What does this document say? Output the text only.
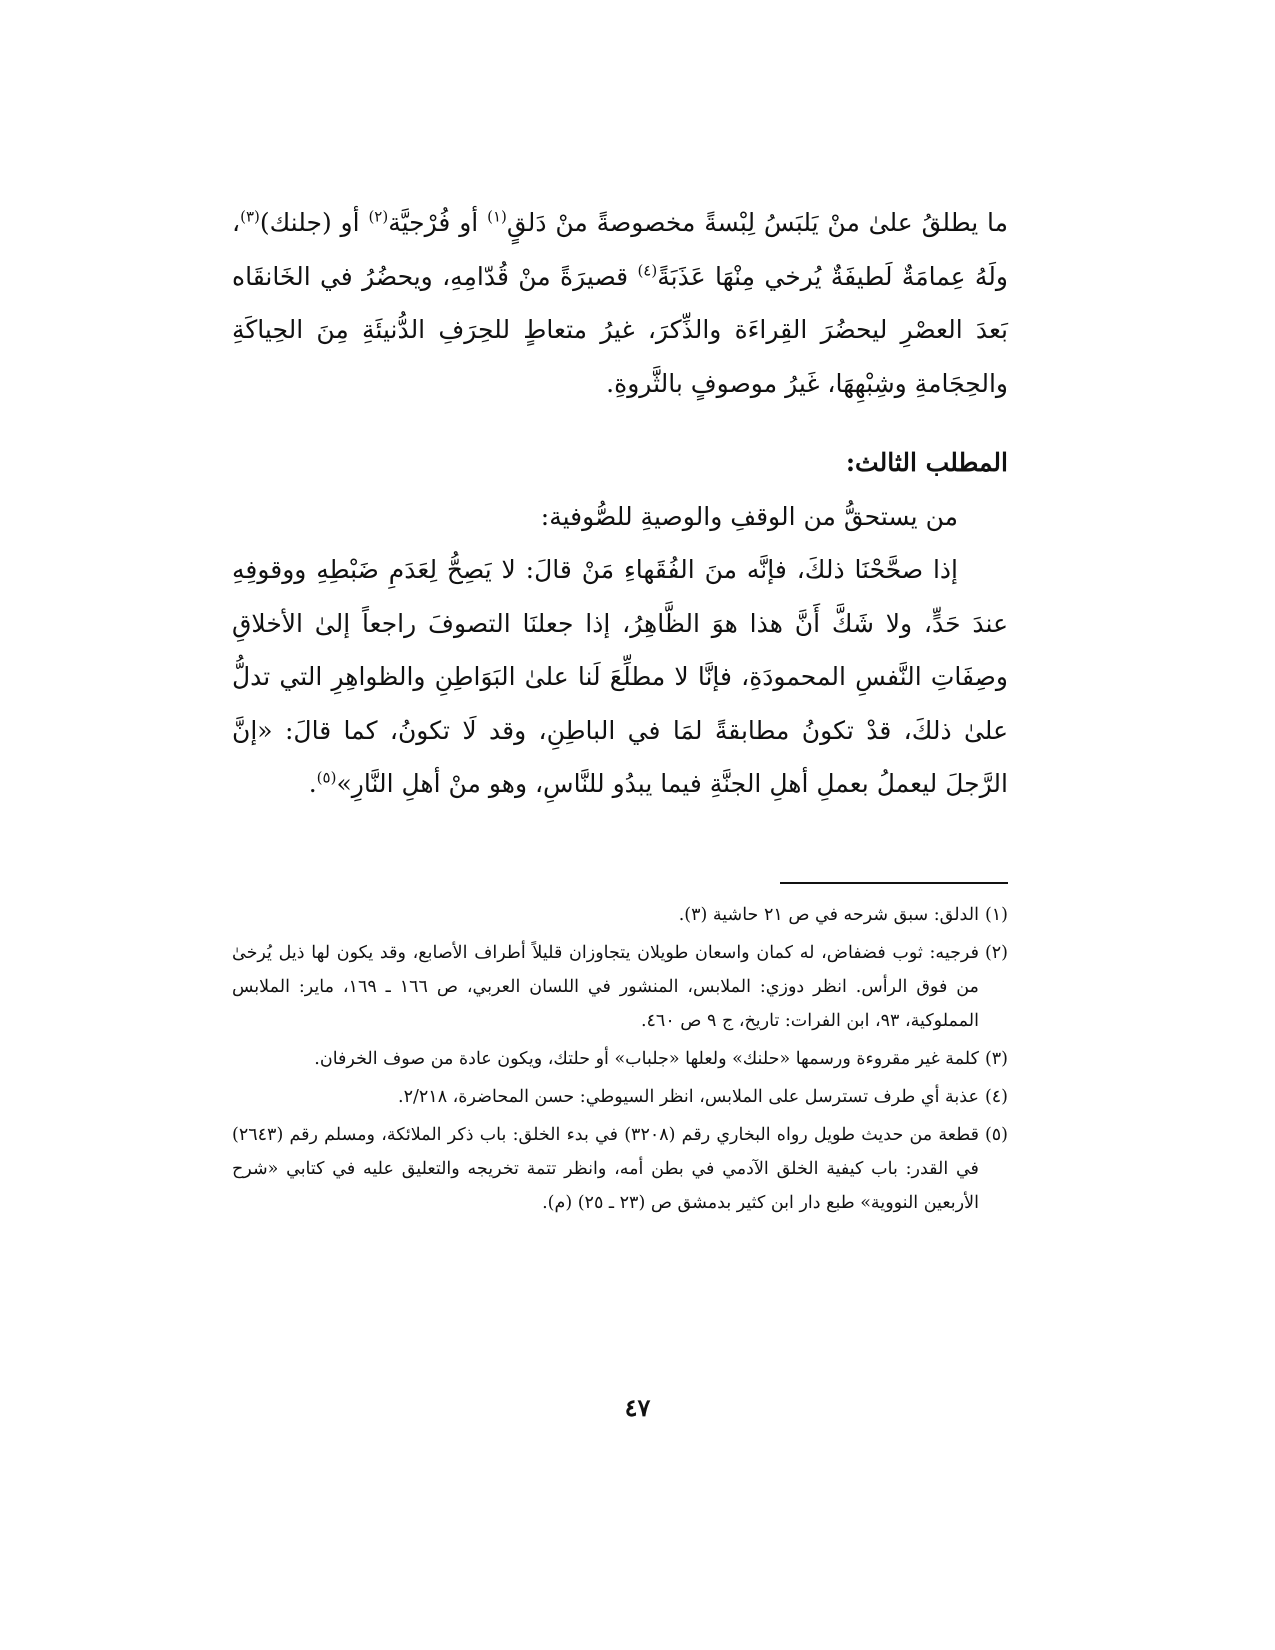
ما يطلقُ علىٰ منْ يَلبَسُ لِبْسةً مخصوصةً منْ دَلقٍ$^{(١)}$ أو فُرْجيَّة$^{(٢)}$ أو (جلنك)$^{(٣)}$، ولَهُ عِمامَةٌ لَطيفَةٌ يُرخي مِنْهَا عَذَبَةً$^{(٤)}$ قصيرَةً منْ قُدّامِهِ، ويحضُرُ في الخَانقَاه بَعدَ العصْرِ ليحضُرَ القِراءَة والذِّكرَ، غيرُ متعاطٍ للحِرَفِ الدُّنيئَةِ مِنَ الحِياكَةِ والحِجَامةِ وشِبْهِهَا، غَيرُ موصوفٍ بالثَّروةِ.

المطلب الثالث:

من يستحقُّ من الوقفِ والوصيةِ للصُّوفية:

إذا صحَّحْنَا ذلكَ، فإنَّه منَ الفُقَهاءِ مَنْ قالَ: لا يَصِحُّ لِعَدَمِ ضَبْطِهِ ووقوفِهِ عندَ حَدٍّ، ولا شَكَّ أَنَّ هذا هوَ الظَّاهِرُ، إذا جعلنَا التصوفَ راجعاً إلىٰ الأخلاقِ وصِفَاتِ النَّفسِ المحمودَةِ، فإنَّا لا مطلِّعَ لَنا علىٰ البَوَاطِنِ والظواهِرِ التي تدلُّ علىٰ ذلكَ، قدْ تكونُ مطابقةً لمَا في الباطِنِ، وقد لَا تكونُ، كما قالَ: «إنَّ الرَّجلَ ليعملُ بعملِ أهلِ الجنَّةِ فيما يبدُو للنَّاسِ، وهو منْ أهلِ النَّارِ»$^{(٥)}$.

(١)
الدلق: سبق شرحه في ص ٢١ حاشية (٣).
(٢)
فرجيه: ثوب فضفاض، له كمان واسعان طويلان يتجاوزان قليلاً أطراف الأصابع، وقد يكون لها ذيل يُرخىٰ من فوق الرأس. انظر دوزي: الملابس، المنشور في اللسان العربي، ص ١٦٦ ـ ١٦٩، ماير: الملابس المملوكية، ٩٣، ابن الفرات: تاريخ، ج ٩ ص ٤٦٠.
(٣)
كلمة غير مقروءة ورسمها «حلنك» ولعلها «جلباب» أو حلتك، ويكون عادة من صوف الخرفان.
(٤)
عذبة أي طرف تسترسل على الملابس، انظر السيوطي: حسن المحاضرة، ٢/٢١٨.
(٥)
قطعة من حديث طويل رواه البخاري رقم (٣٢٠٨) في بدء الخلق: باب ذكر الملائكة، ومسلم رقم (٢٦٤٣) في القدر: باب كيفية الخلق الآدمي في بطن أمه، وانظر تتمة تخريجه والتعليق عليه في كتابي «شرح الأربعين النووية» طبع دار ابن كثير بدمشق ص (٢٣ ـ ٢٥) (م).
٤٧
